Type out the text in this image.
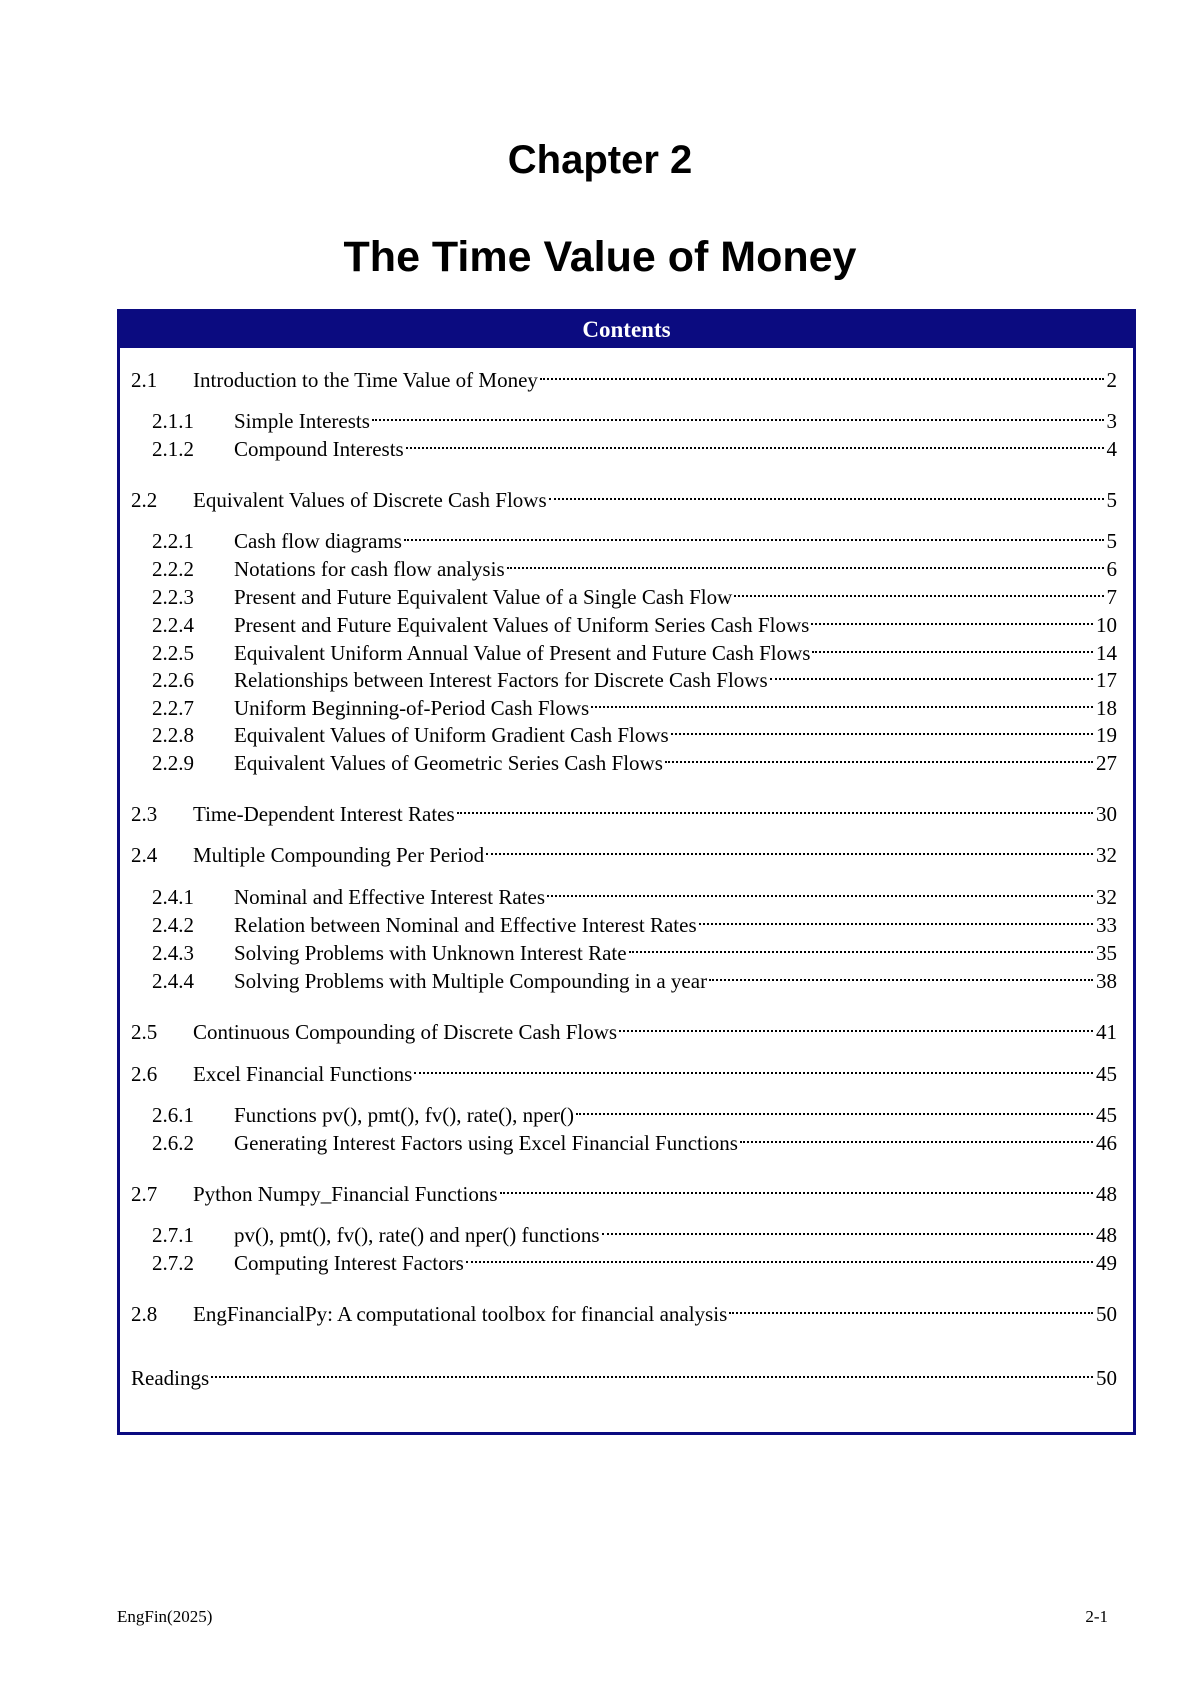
Chapter 2
The Time Value of Money
Contents
2.1	Introduction to the Time Value of Money	2
2.1.1	Simple Interests	3
2.1.2	Compound Interests	4
2.2	Equivalent Values of Discrete Cash Flows	5
2.2.1	Cash flow diagrams	5
2.2.2	Notations for cash flow analysis	6
2.2.3	Present and Future Equivalent Value of a Single Cash Flow	7
2.2.4	Present and Future Equivalent Values of Uniform Series Cash Flows	10
2.2.5	Equivalent Uniform Annual Value of Present and Future Cash Flows	14
2.2.6	Relationships between Interest Factors for Discrete Cash Flows	17
2.2.7	Uniform Beginning-of-Period Cash Flows	18
2.2.8	Equivalent Values of Uniform Gradient Cash Flows	19
2.2.9	Equivalent Values of Geometric Series Cash Flows	27
2.3	Time-Dependent Interest Rates	30
2.4	Multiple Compounding Per Period	32
2.4.1	Nominal and Effective Interest Rates	32
2.4.2	Relation between Nominal and Effective Interest Rates	33
2.4.3	Solving Problems with Unknown Interest Rate	35
2.4.4	Solving Problems with Multiple Compounding in a year	38
2.5	Continuous Compounding of Discrete Cash Flows	41
2.6	Excel Financial Functions	45
2.6.1	Functions pv(), pmt(), fv(), rate(), nper()	45
2.6.2	Generating Interest Factors using Excel Financial Functions	46
2.7	Python Numpy_Financial Functions	48
2.7.1	pv(), pmt(), fv(), rate() and nper() functions	48
2.7.2	Computing Interest Factors	49
2.8	EngFinancialPy: A computational toolbox for financial analysis	50
Readings	50
EngFin(2025)	2-1
